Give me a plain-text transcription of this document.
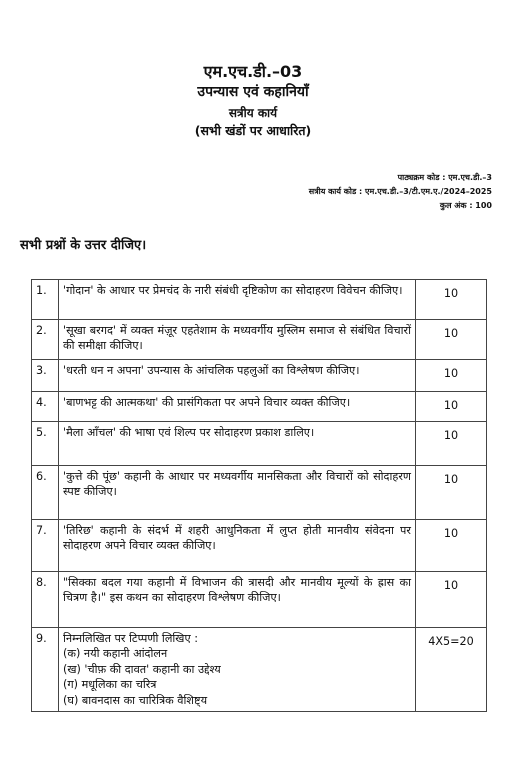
एम.एच.डी.–03
उपन्यास एवं कहानियाँ
सत्रीय कार्य
(सभी खंडों पर आधारित)
पाठ्यक्रम कोड : एम.एच.डी.–3
सत्रीय कार्य कोड : एम.एच.डी.–3/टी.एम.ए./2024–2025
कुल अंक : 100
सभी प्रश्नों के उत्तर दीजिए।
1.	'गोदान' के आधार पर प्रेमचंद के नारी संबंधी दृष्टिकोण का सोदाहरण विवेचन कीजिए।	10
2.	'सूखा बरगद' में व्यक्त मंज़ूर एहतेशाम के मध्यवर्गीय मुस्लिम समाज से संबंधित विचारों की समीक्षा कीजिए।	10
3.	'धरती धन न अपना' उपन्यास के आंचलिक पहलुओं का विश्लेषण कीजिए।	10
4.	'बाणभट्ट की आत्मकथा' की प्रासंगिकता पर अपने विचार व्यक्त कीजिए।	10
5.	'मैला आँचल' की भाषा एवं शिल्प पर सोदाहरण प्रकाश डालिए।	10
6.	'कुत्ते की पूंछ' कहानी के आधार पर मध्यवर्गीय मानसिकता और विचारों को सोदाहरण स्पष्ट कीजिए।	10
7.	'तिरिछ' कहानी के संदर्भ में शहरी आधुनिकता में लुप्त होती मानवीय संवेदना पर सोदाहरण अपने विचार व्यक्त कीजिए।	10
8.	"सिक्का बदल गया कहानी में विभाजन की त्रासदी और मानवीय मूल्यों के ह्रास का चित्रण है।" इस कथन का सोदाहरण विश्लेषण कीजिए।	10
9.	निम्नलिखित पर टिप्पणी लिखिए :
(क) नयी कहानी आंदोलन
(ख) 'चीफ़ की दावत' कहानी का उद्देश्य
(ग) मधूलिका का चरित्र
(घ) बावनदास का चारित्रिक वैशिष्ट्य	4X5=20
